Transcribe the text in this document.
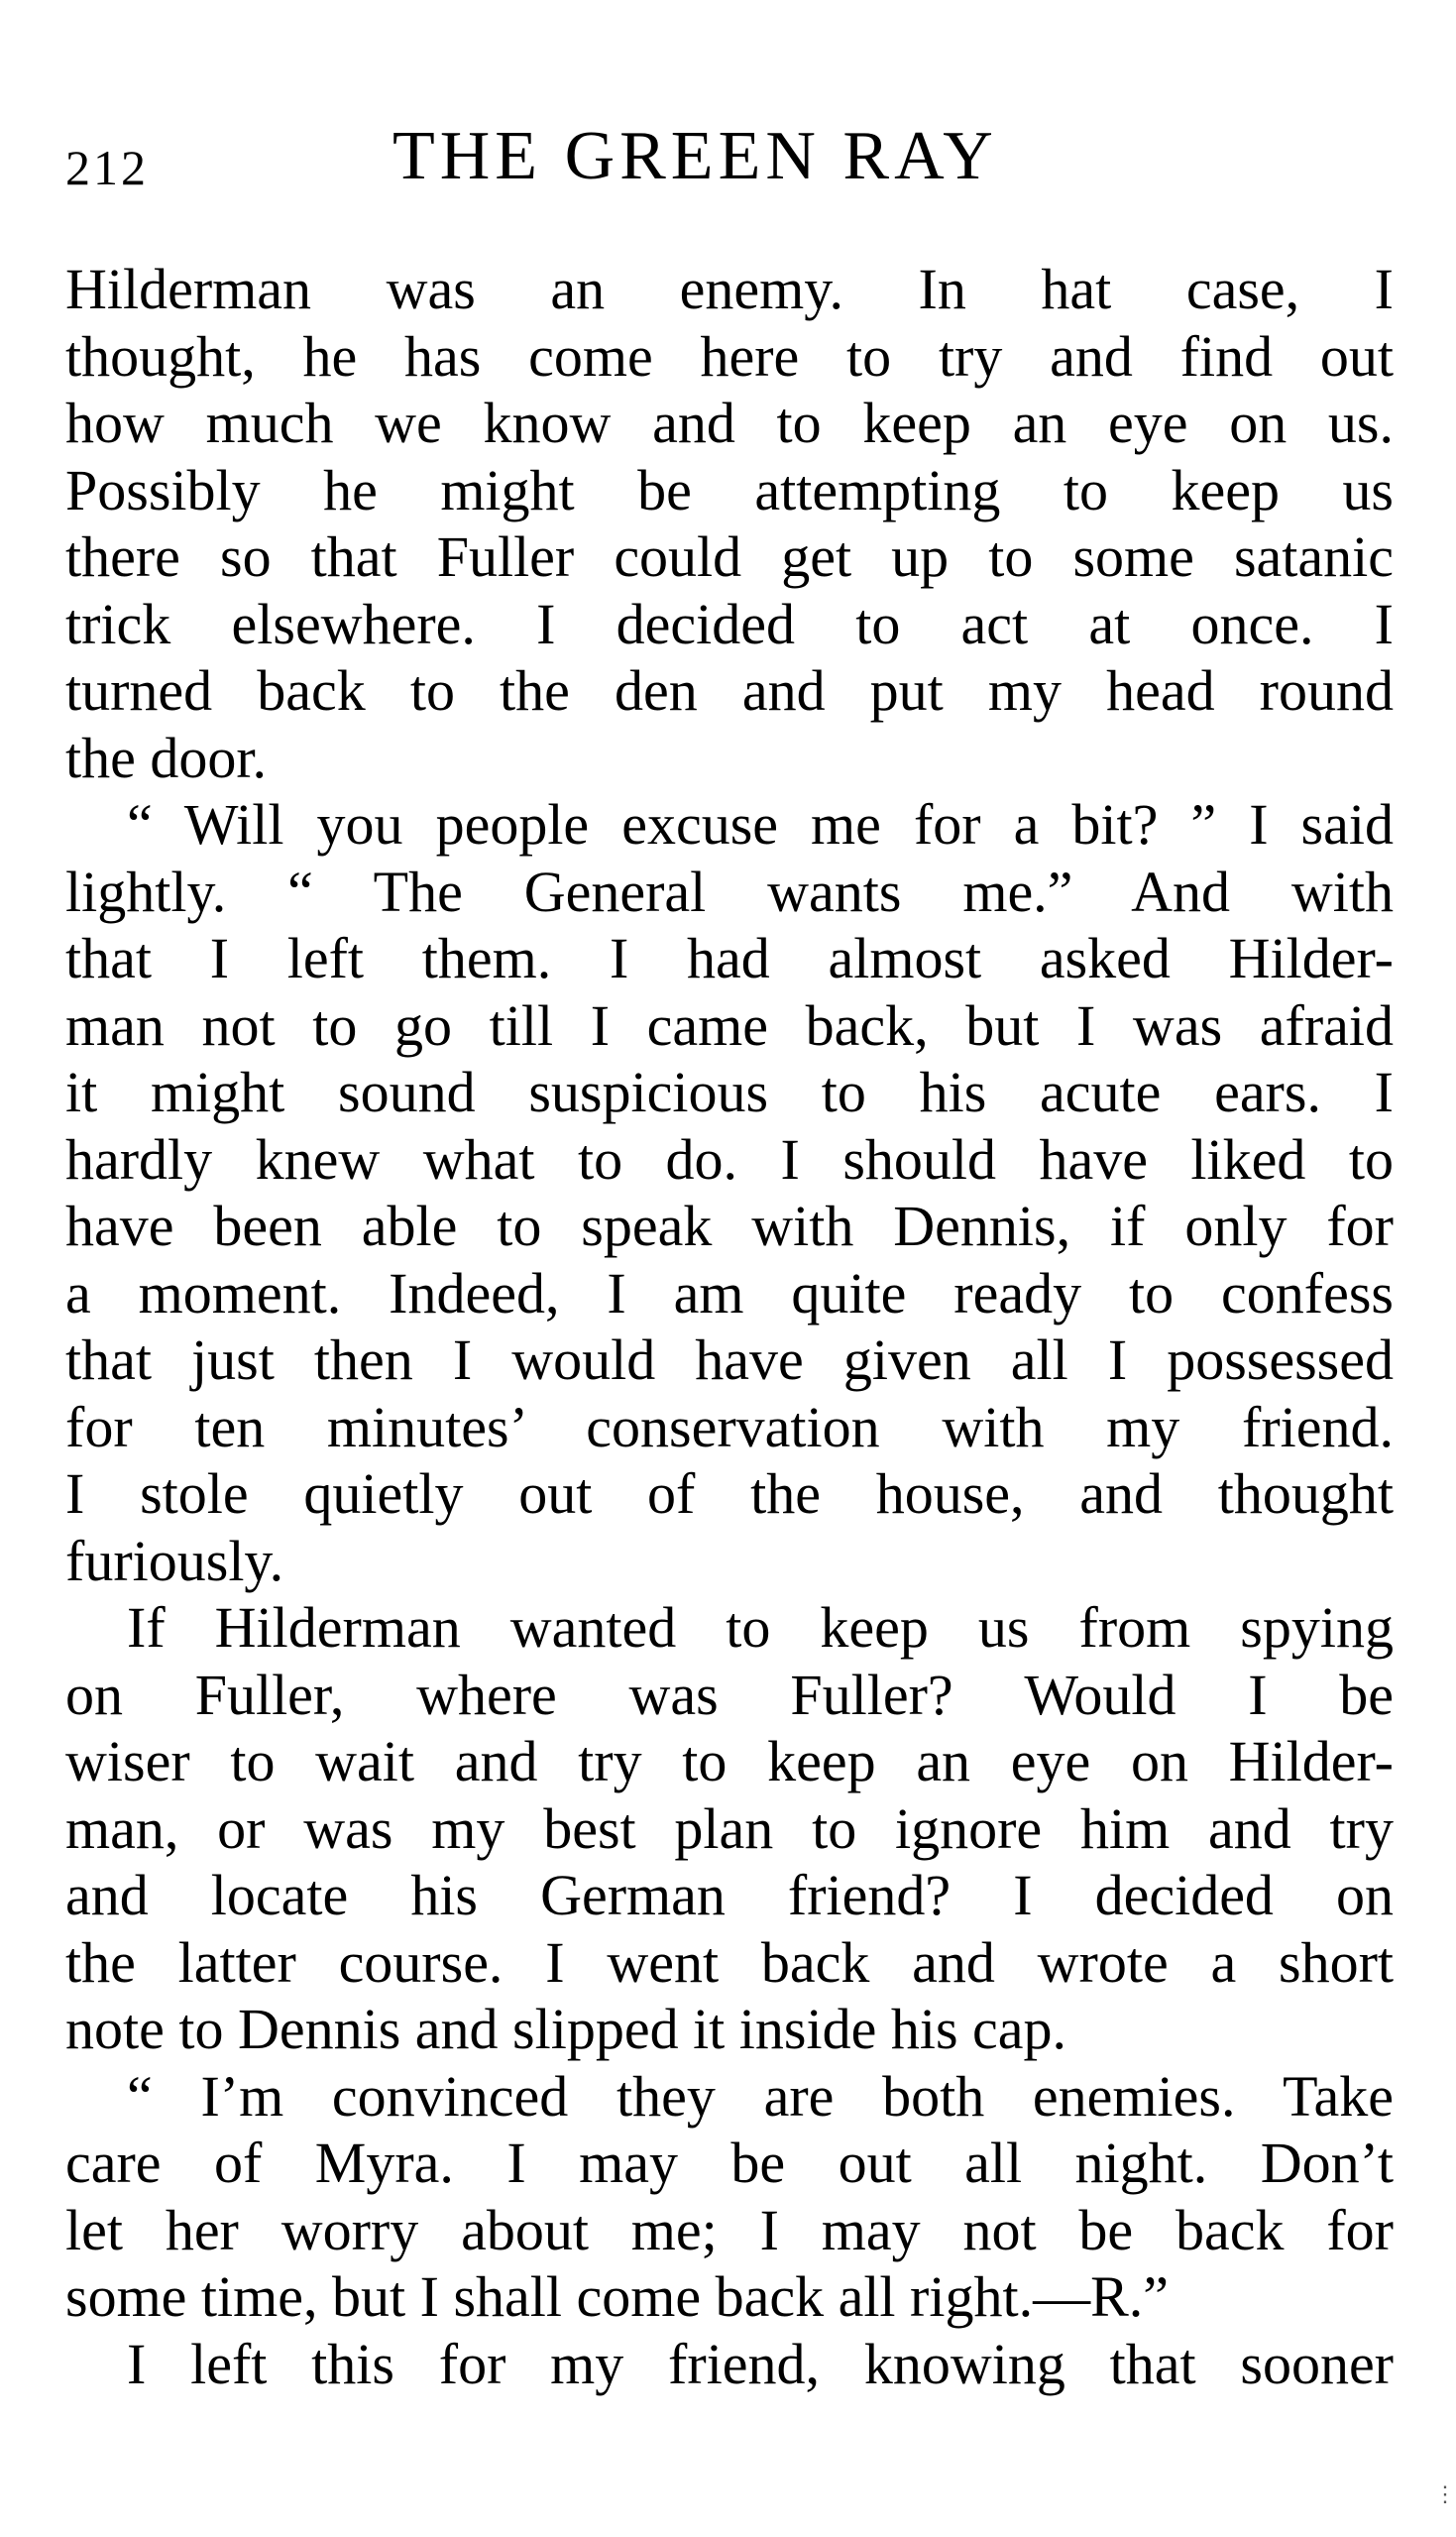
212	THE GREEN RAY
Hilderman was an enemy. In hat case, I
thought, he has come here to try and find out
how much we know and to keep an eye on us.
Possibly he might be attempting to keep us
there so that Fuller could get up to some satanic
trick elsewhere. I decided to act at once. I
turned back to the den and put my head round
the door.
“ Will you people excuse me for a bit? ” I said
lightly. “ The General wants me.” And with
that I left them. I had almost asked Hilder-
man not to go till I came back, but I was afraid
it might sound suspicious to his acute ears. I
hardly knew what to do. I should have liked to
have been able to speak with Dennis, if only for
a moment. Indeed, I am quite ready to confess
that just then I would have given all I possessed
for ten minutes’ conservation with my friend.
I stole quietly out of the house, and thought
furiously.
If Hilderman wanted to keep us from spying
on Fuller, where was Fuller? Would I be
wiser to wait and try to keep an eye on Hilder-
man, or was my best plan to ignore him and try
and locate his German friend? I decided on
the latter course. I went back and wrote a short
note to Dennis and slipped it inside his cap.
“ I’m convinced they are both enemies. Take
care of Myra. I may be out all night. Don’t
let her worry about me; I may not be back for
some time, but I shall come back all right.—R.”
I left this for my friend, knowing that sooner
⋮
